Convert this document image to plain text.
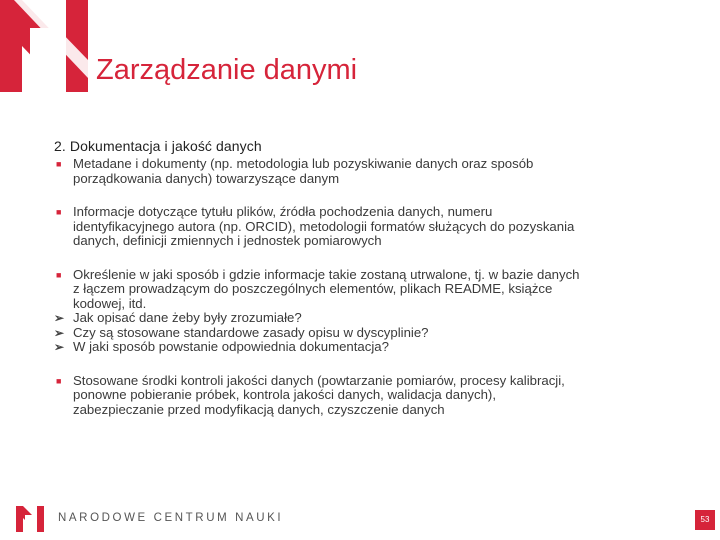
Zarządzanie danymi
2. Dokumentacja i jakość danych
■ Metadane i dokumenty (np. metodologia lub pozyskiwanie danych oraz sposób
porządkowania danych) towarzyszące danym
■ Informacje dotyczące tytułu plików, źródła pochodzenia danych, numeru
identyfikacyjnego autora (np. ORCID), metodologii formatów służących do pozyskania
danych, definicji zmiennych i jednostek pomiarowych
■ Określenie w jaki sposób i gdzie informacje takie zostaną utrwalone, tj. w bazie danych
z łączem prowadzącym do poszczególnych elementów, plikach README, książce
kodowej, itd.
➢ Jak opisać dane żeby były zrozumiałe?
➢ Czy są stosowane standardowe zasady opisu w dyscyplinie?
➢ W jaki sposób powstanie odpowiednia dokumentacja?
■ Stosowane środki kontroli jakości danych (powtarzanie pomiarów, procesy kalibracji,
ponowne pobieranie próbek, kontrola jakości danych, walidacja danych),
zabezpieczanie przed modyfikacją danych, czyszczenie danych
NARODOWE CENTRUM NAUKI	53
